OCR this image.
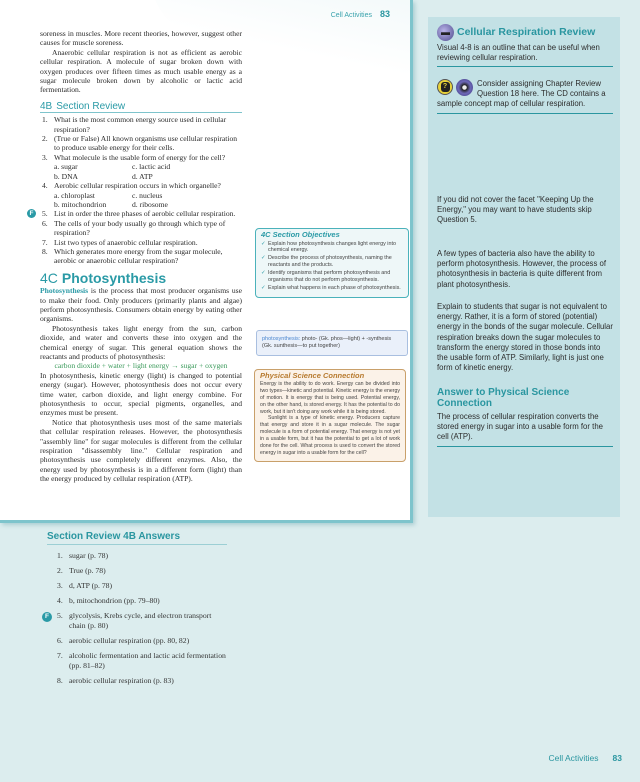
Cell Activities 83

soreness in muscles. More recent theories, however, suggest other causes for muscle soreness.

Anaerobic cellular respiration is not as efficient as aerobic cellular respiration. A molecule of sugar broken down with oxygen produces over fifteen times as much usable energy as a sugar molecule broken down by alcoholic or lactic acid fermentation.

4B Section Review
1. What is the most common energy source used in cellular respiration?
2. (True or False) All known organisms use cellular respiration to produce usable energy for their cells.
3. What molecule is the usable form of energy for the cell?
a. sugar	c. lactic acid
b. DNA	d. ATP
4. Aerobic cellular respiration occurs in which organelle?
a. chloroplast	c. nucleus
b. mitochondrion	d. ribosome
F	5. List in order the three phases of aerobic cellular respiration.
6. The cells of your body usually go through which type of respiration?
7. List two types of anaerobic cellular respiration.
8. Which generates more energy from the sugar molecule, aerobic or anaerobic cellular respiration?
4C Photosynthesis

Photosynthesis is the process that most producer organisms use to make their food. Only producers (primarily plants and algae) perform photosynthesis. Consumers obtain energy by eating other organisms.

Photosynthesis takes light energy from the sun, carbon dioxide, and water and converts these into oxygen and the chemical energy of sugar. This general equation shows the reactants and products of photosynthesis:

carbon dioxide + water + light energy → sugar + oxygen

In photosynthesis, kinetic energy (light) is changed to potential energy (sugar). However, photosynthesis does not occur every time water, carbon dioxide, and light energy combine. For photosynthesis to occur, special pigments, organelles, and enzymes must be present.

Notice that photosynthesis uses most of the same materials that cellular respiration releases. However, the photosynthesis "assembly line" for sugar molecules is different from the cellular respiration "disassembly line." Cellular respiration and photosynthesis use completely different enzymes. Also, the energy used by photosynthesis is in a different form (light) than the energy produced by cellular respiration (ATP).

4C Section Objectives
✓ Explain how photosynthesis changes light energy into chemical energy.
✓ Describe the process of photosynthesis, naming the reactants and the products.
✓ Identify organisms that perform photosynthesis and organisms that do not perform photosynthesis.
✓ Explain what happens in each phase of photosynthesis.
photosynthesis: photo- (Gk. phos—light) + -synthesis (Gk. sunthesis—to put together)
Physical Science Connection

Energy is the ability to do work. Energy can be divided into two types—kinetic and potential. Kinetic energy is the energy of motion. It is energy that is being used. Potential energy, on the other hand, is stored energy. It has the potential to do work, but it isn't doing any work while it is being stored.

Sunlight is a type of kinetic energy. Producers capture that energy and store it in a sugar molecule. The sugar molecule is a form of potential energy. That energy is not yet in a usable form, but it has the potential to get a lot of work done for the cell. What process is used to convert the stored energy in sugar into a usable form for the cell?

▬ Cellular Respiration Review

Visual 4-8 is an outline that can be useful when reviewing cellular respiration.

?	Consider assigning Chapter Review Question 18 here. The CD contains a sample concept map of cellular respiration.

If you did not cover the facet "Keeping Up the Energy," you may want to have students skip Question 5.

A few types of bacteria also have the ability to perform photosynthesis. However, the process of photosynthesis in bacteria is quite different from plant photosynthesis.

Explain to students that sugar is not equivalent to energy. Rather, it is a form of stored (potential) energy in the bonds of the sugar molecule. Cellular respiration breaks down the sugar molecules to transform the energy stored in those bonds into the usable form of ATP. Similarly, light is just one form of kinetic energy.

Answer to Physical Science Connection

The process of cellular respiration converts the stored energy in sugar into a usable form for the cell (ATP).

Section Review 4B Answers
1. sugar (p. 78)
2. True (p. 78)
3. d, ATP (p. 78)
4. b, mitochondrion (pp. 79–80)
F	5. glycolysis, Krebs cycle, and electron transport chain (p. 80)
6. aerobic cellular respiration (pp. 80, 82)
7. alcoholic fermentation and lactic acid fermentation (pp. 81–82)
8. aerobic cellular respiration (p. 83)
Cell Activities 83
